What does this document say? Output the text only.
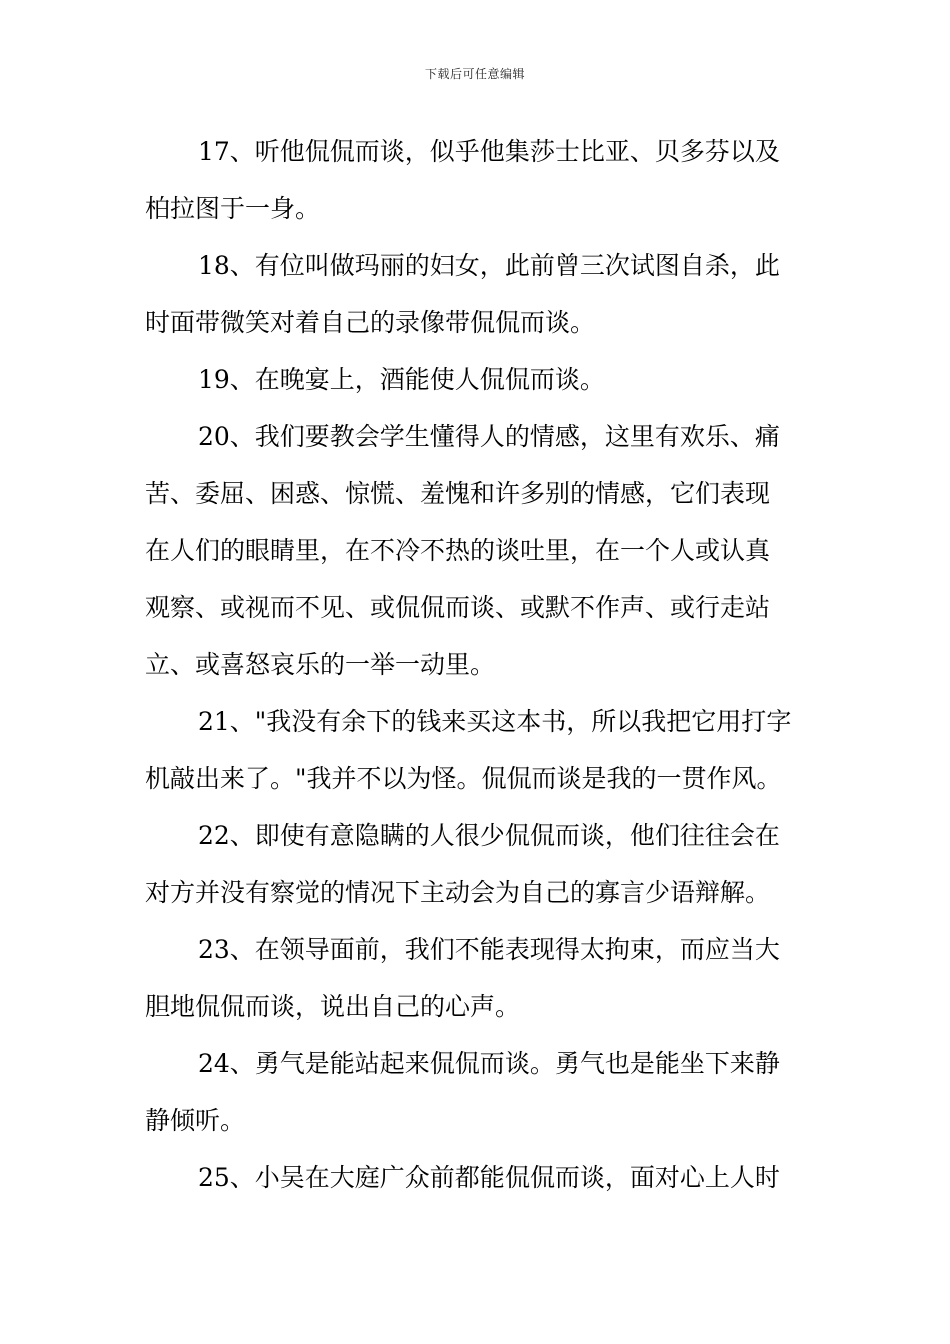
下载后可任意编辑
17、听他侃侃而谈，似乎他集莎士比亚、贝多芬以及
柏拉图于一身。
18、有位叫做玛丽的妇女，此前曾三次试图自杀，此
时面带微笑对着自己的录像带侃侃而谈。
19、在晚宴上，酒能使人侃侃而谈。
20、我们要教会学生懂得人的情感，这里有欢乐、痛
苦、委屈、困惑、惊慌、羞愧和许多别的情感，它们表现
在人们的眼睛里，在不冷不热的谈吐里，在一个人或认真
观察、或视而不见、或侃侃而谈、或默不作声、或行走站
立、或喜怒哀乐的一举一动里。
21、"我没有余下的钱来买这本书，所以我把它用打字
机敲出来了。"我并不以为怪。侃侃而谈是我的一贯作风。
22、即使有意隐瞒的人很少侃侃而谈，他们往往会在
对方并没有察觉的情况下主动会为自己的寡言少语辩解。
23、在领导面前，我们不能表现得太拘束，而应当大
胆地侃侃而谈，说出自己的心声。
24、勇气是能站起来侃侃而谈。勇气也是能坐下来静
静倾听。
25、小吴在大庭广众前都能侃侃而谈，面对心上人时
